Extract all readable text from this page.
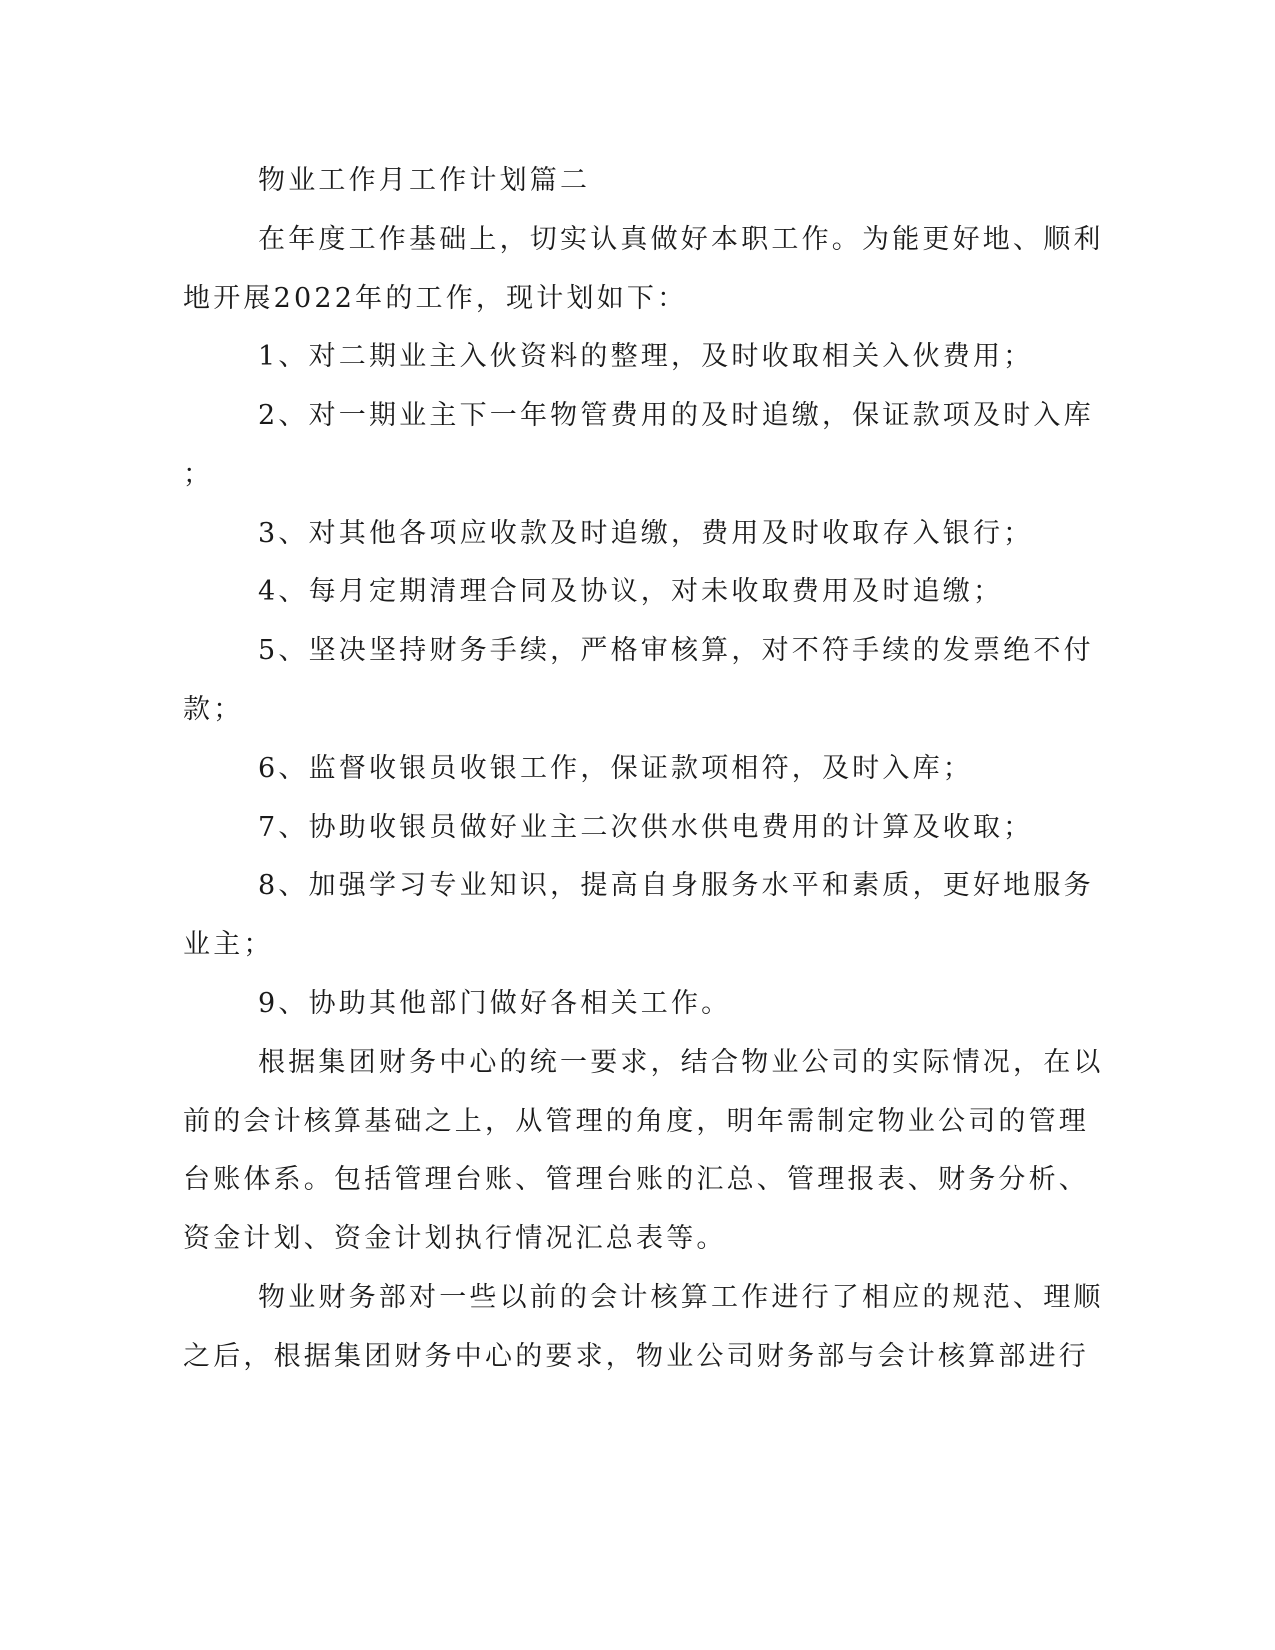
物业工作月工作计划篇二

在年度工作基础上，切实认真做好本职工作。为能更好地、顺利

地开展2022年的工作，现计划如下：

1、对二期业主入伙资料的整理，及时收取相关入伙费用；

2、对一期业主下一年物管费用的及时追缴，保证款项及时入库

；

3、对其他各项应收款及时追缴，费用及时收取存入银行；

4、每月定期清理合同及协议，对未收取费用及时追缴；

5、坚决坚持财务手续，严格审核算，对不符手续的发票绝不付

款；

6、监督收银员收银工作，保证款项相符，及时入库；

7、协助收银员做好业主二次供水供电费用的计算及收取；

8、加强学习专业知识，提高自身服务水平和素质，更好地服务

业主；

9、协助其他部门做好各相关工作。

根据集团财务中心的统一要求，结合物业公司的实际情况，在以

前的会计核算基础之上，从管理的角度，明年需制定物业公司的管理

台账体系。包括管理台账、管理台账的汇总、管理报表、财务分析、

资金计划、资金计划执行情况汇总表等。

物业财务部对一些以前的会计核算工作进行了相应的规范、理顺

之后，根据集团财务中心的要求，物业公司财务部与会计核算部进行
